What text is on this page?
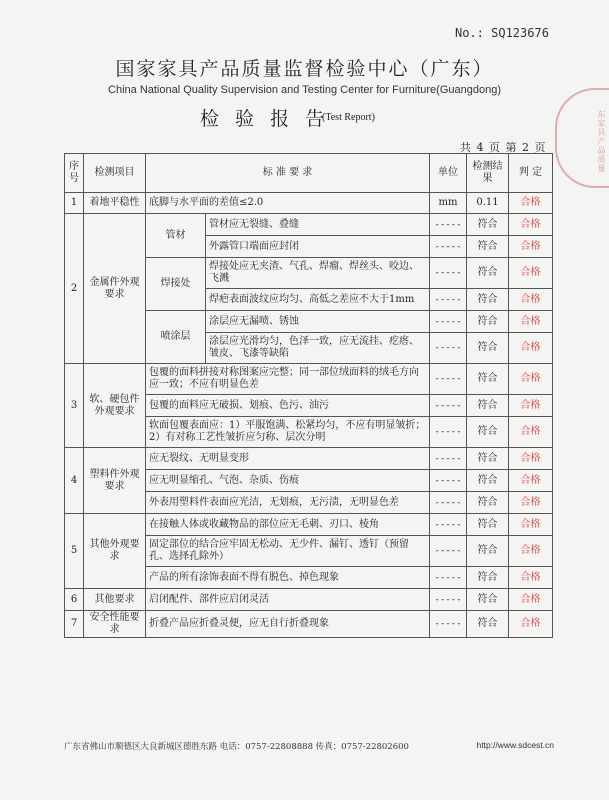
No.: SQ123676
国家家具产品质量监督检验中心（广东）
China National Quality Supervision and Testing Center for Furniture(Guangdong)
检 验 报 告
(Test Report)
共 4 页 第 2 页	东家具产品质量
序号	检测项目	标 准 要 求		单位	检测结果	判 定
1	着地平稳性	底脚与水平面的差值≤2.0		mm	0.11	合格
2	金属件外观要求	管材	管材应无裂缝、叠缝	-----	符合	合格
			外露管口端面应封闭	-----	符合	合格
		焊接处	焊接处应无夹渣、气孔、焊瘤、焊丝头、咬边、飞溅	-----	符合	合格
			焊疤表面波纹应均匀、高低之差应不大于1mm	-----	符合	合格
		喷涂层	涂层应无漏喷、锈蚀	-----	符合	合格
			涂层应光滑均匀，色泽一致，应无流挂、疙瘩、皱皮、飞漆等缺陷	-----	符合	合格
3	软、硬包件外观要求	包覆的面料拼接对称图案应完整；同一部位绒面料的绒毛方向应一致；不应有明显色差		-----	符合	合格
		包覆的面料应无破损、划痕、色污、油污		-----	符合	合格
		软面包覆表面应：1）平服饱满、松紧均匀，不应有明显皱折；2）有对称工艺性皱折应匀称、层次分明		-----	符合	合格
4	塑料件外观要求	应无裂纹、无明显变形		-----	符合	合格
		应无明显缩孔、气泡、杂质、伤痕		-----	符合	合格
		外表用塑料件表面应光洁，无划痕，无污渍，无明显色差		-----	符合	合格
5	其他外观要求	在接触人体或收藏物品的部位应无毛刺、刃口、棱角		-----	符合	合格
		固定部位的结合应牢固无松动、无少件、漏钉、透钉（预留孔、选择孔除外）		-----	符合	合格
		产品的所有涂饰表面不得有脱色、掉色现象		-----	符合	合格
6	其他要求	启闭配件、部件应启闭灵活		-----	符合	合格
7	安全性能要求	折叠产品应折叠灵便，应无自行折叠现象		-----	符合	合格
广东省佛山市顺德区大良新城区德胜东路 电话：0757-22808888 传真：0757-22802600	http://www.sdcest.cn
